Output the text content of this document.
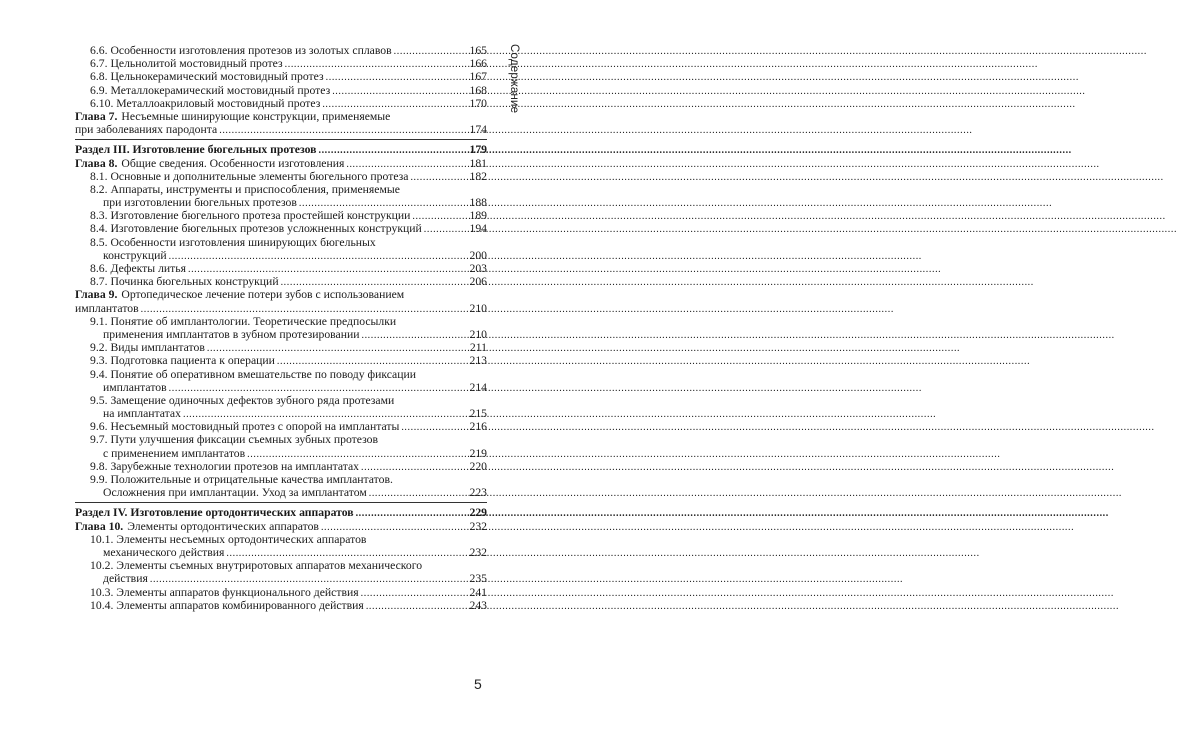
6.6. Особенности изготовления протезов из золотых сплавов .....	165
6.7. Цельнолитой мостовидный протез .....	166
6.8. Цельнокерамический мостовидный протез .....	167
6.9. Металлокерамический мостовидный протез .....	168
6.10. Металлоакриловый мостовидный протез .....	170
Глава 7. Несъемные шинирующие конструкции, применяемые
при заболеваниях пародонта .....	174
Раздел III. Изготовление бюгельных протезов .....	179
Глава 8. Общие сведения. Особенности изготовления .....	181
8.1. Основные и дополнительные элементы бюгельного протеза .....	182
8.2. Аппараты, инструменты и приспособления, применяемые
при изготовлении бюгельных протезов .....	188
8.3. Изготовление бюгельного протеза простейшей конструкции .....	189
8.4. Изготовление бюгельных протезов усложненных конструкций .....	194
8.5. Особенности изготовления шинирующих бюгельных
конструкций .....	200
8.6. Дефекты литья .....	203
8.7. Починка бюгельных конструкций .....	206
Глава 9. Ортопедическое лечение потери зубов с использованием
имплантатов .....	210
9.1. Понятие об имплантологии. Теоретические предпосылки
применения имплантатов в зубном протезировании .....	210
9.2. Виды имплантатов .....	211
9.3. Подготовка пациента к операции .....	213
9.4. Понятие об оперативном вмешательстве по поводу фиксации
имплантатов .....	214
9.5. Замещение одиночных дефектов зубного ряда протезами
на имплантатах .....	215
9.6. Несъемный мостовидный протез с опорой на имплантаты .....	216
9.7. Пути улучшения фиксации съемных зубных протезов
с применением имплантатов .....	219
9.8. Зарубежные технологии протезов на имплантатах .....	220
9.9. Положительные и отрицательные качества имплантатов.
Осложнения при имплантации. Уход за имплантатом .....	223
Раздел IV. Изготовление ортодонтических аппаратов .....	229
Глава 10. Элементы ортодонтических аппаратов .....	232
10.1. Элементы несъемных ортодонтических аппаратов
механического действия .....	232
10.2. Элементы съемных внутриротовых аппаратов механического
действия .....	235
10.3. Элементы аппаратов функционального действия .....	241
10.4. Элементы аппаратов комбинированного действия .....	243
Содержание
5
